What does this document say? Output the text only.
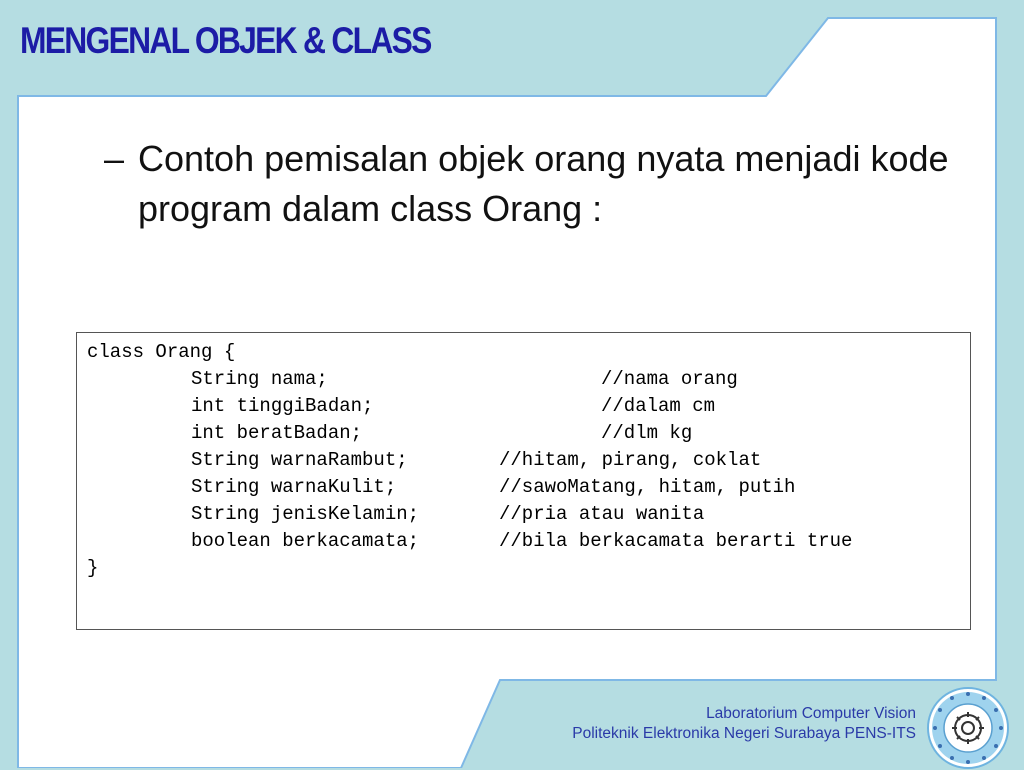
MENGENAL OBJEK & CLASS
– Contoh pemisalan objek orang nyata menjadi kode program dalam class Orang :

class Orang {

String nama;

	//nama orang

int tinggiBadan;

	//dalam cm

int beratBadan;

	//dlm kg

String warnaRambut;

	//hitam, pirang, coklat

String warnaKulit;

	//sawoMatang, hitam, putih

String jenisKelamin;

	//pria atau wanita

boolean berkacamata;

	//bila berkacamata berarti true

}

Laboratorium Computer Vision
Politeknik Elektronika Negeri Surabaya PENS-ITS
